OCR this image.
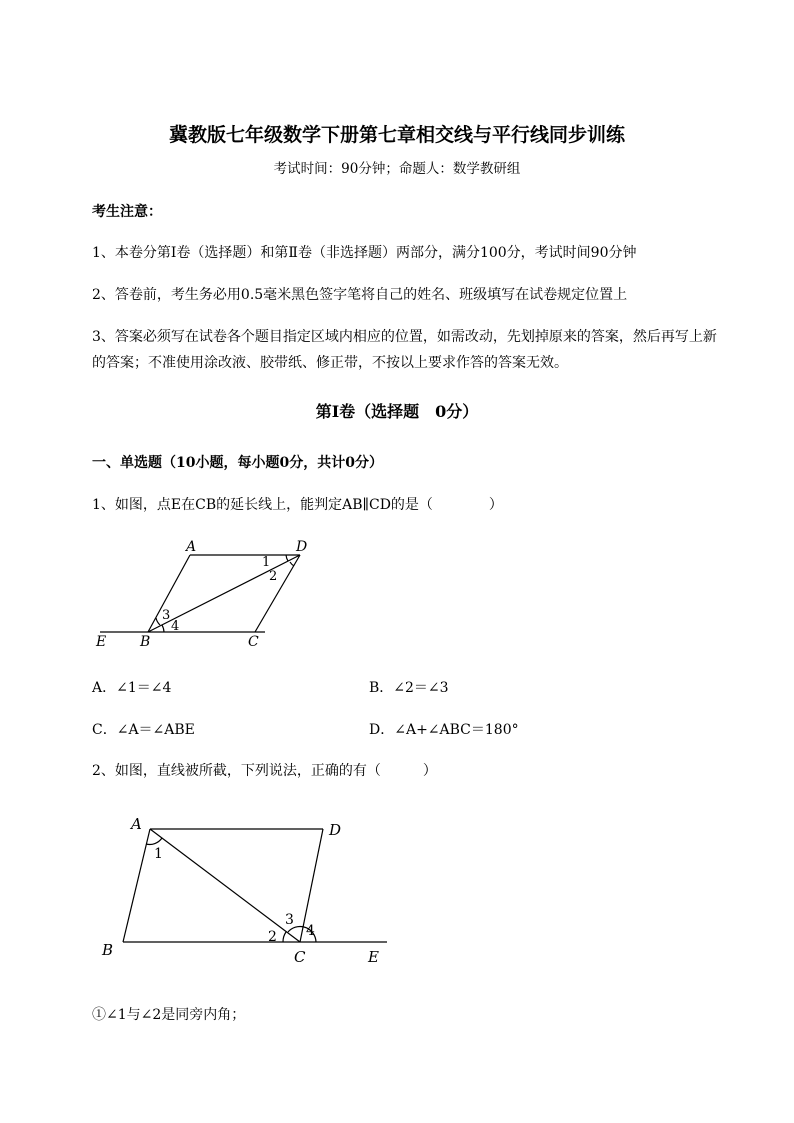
冀教版七年级数学下册第七章相交线与平行线同步训练
考试时间：90分钟；命题人：数学教研组
考生注意：
1、本卷分第I卷（选择题）和第Ⅱ卷（非选择题）两部分，满分100分，考试时间90分钟
2、答卷前，考生务必用0.5毫米黑色签字笔将自己的姓名、班级填写在试卷规定位置上
3、答案必须写在试卷各个题目指定区域内相应的位置，如需改动，先划掉原来的答案，然后再写上新
的答案；不准使用涂改液、胶带纸、修正带，不按以上要求作答的答案无效。
第I卷（选择题　0分）
一、单选题（10小题，每小题0分，共计0分）
1、如图，点E在CB的延长线上，能判定AB∥CD的是（　　　　）
A	D
B	C
E
1
2
3
4
A．∠1＝∠4	B．∠2＝∠3
C．∠A＝∠ABE	D．∠A+∠ABC＝180°
2、如图，直线被所截，下列说法，正确的有（　　　）
A	D
B	C	E
1
2
3
4
①∠1与∠2是同旁内角；
